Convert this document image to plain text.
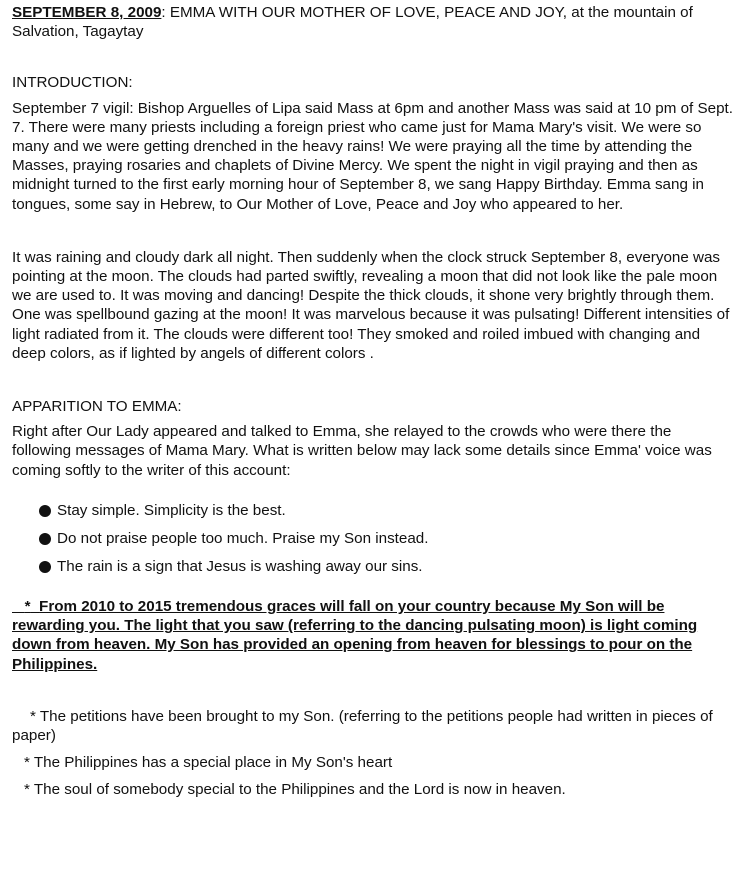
SEPTEMBER 8, 2009: EMMA WITH OUR MOTHER OF LOVE, PEACE AND JOY, at the mountain of Salvation, Tagaytay

INTRODUCTION:

September 7 vigil: Bishop Arguelles of Lipa said Mass at 6pm and another Mass was said at 10 pm of Sept. 7. There were many priests including a foreign priest who came just for Mama Mary's visit. We were so many and we were getting drenched in the heavy rains! We were praying all the time by attending the Masses, praying rosaries and chaplets of Divine Mercy. We spent the night in vigil praying and then as midnight turned to the first early morning hour of September 8, we sang Happy Birthday. Emma sang in tongues, some say in Hebrew, to Our Mother of Love, Peace and Joy who appeared to her.

It was raining and cloudy dark all night. Then suddenly when the clock struck September 8, everyone was pointing at the moon. The clouds had parted swiftly, revealing a moon that did not look like the pale moon we are used to. It was moving and dancing! Despite the thick clouds, it shone very brightly through them. One was spellbound gazing at the moon! It was marvelous because it was pulsating! Different intensities of light radiated from it. The clouds were different too! They smoked and roiled imbued with changing and deep colors, as if lighted by angels of different colors .

APPARITION TO EMMA:

Right after Our Lady appeared and talked to Emma, she relayed to the crowds who were there the following messages of Mama Mary. What is written below may lack some details since Emma' voice was coming softly to the writer of this account:

Stay simple. Simplicity is the best.
Do not praise people too much. Praise my Son instead.
The rain is a sign that Jesus is washing away our sins.

* From 2010 to 2015 tremendous graces will fall on your country because My Son will be rewarding you. The light that you saw (referring to the dancing pulsating moon) is light coming down from heaven. My Son has provided an opening from heaven for blessings to pour on the Philippines.

* The petitions have been brought to my Son. (referring to the petitions people had written in pieces of paper)

* The Philippines has a special place in My Son's heart

* The soul of somebody special to the Philippines and the Lord is now in heaven.
